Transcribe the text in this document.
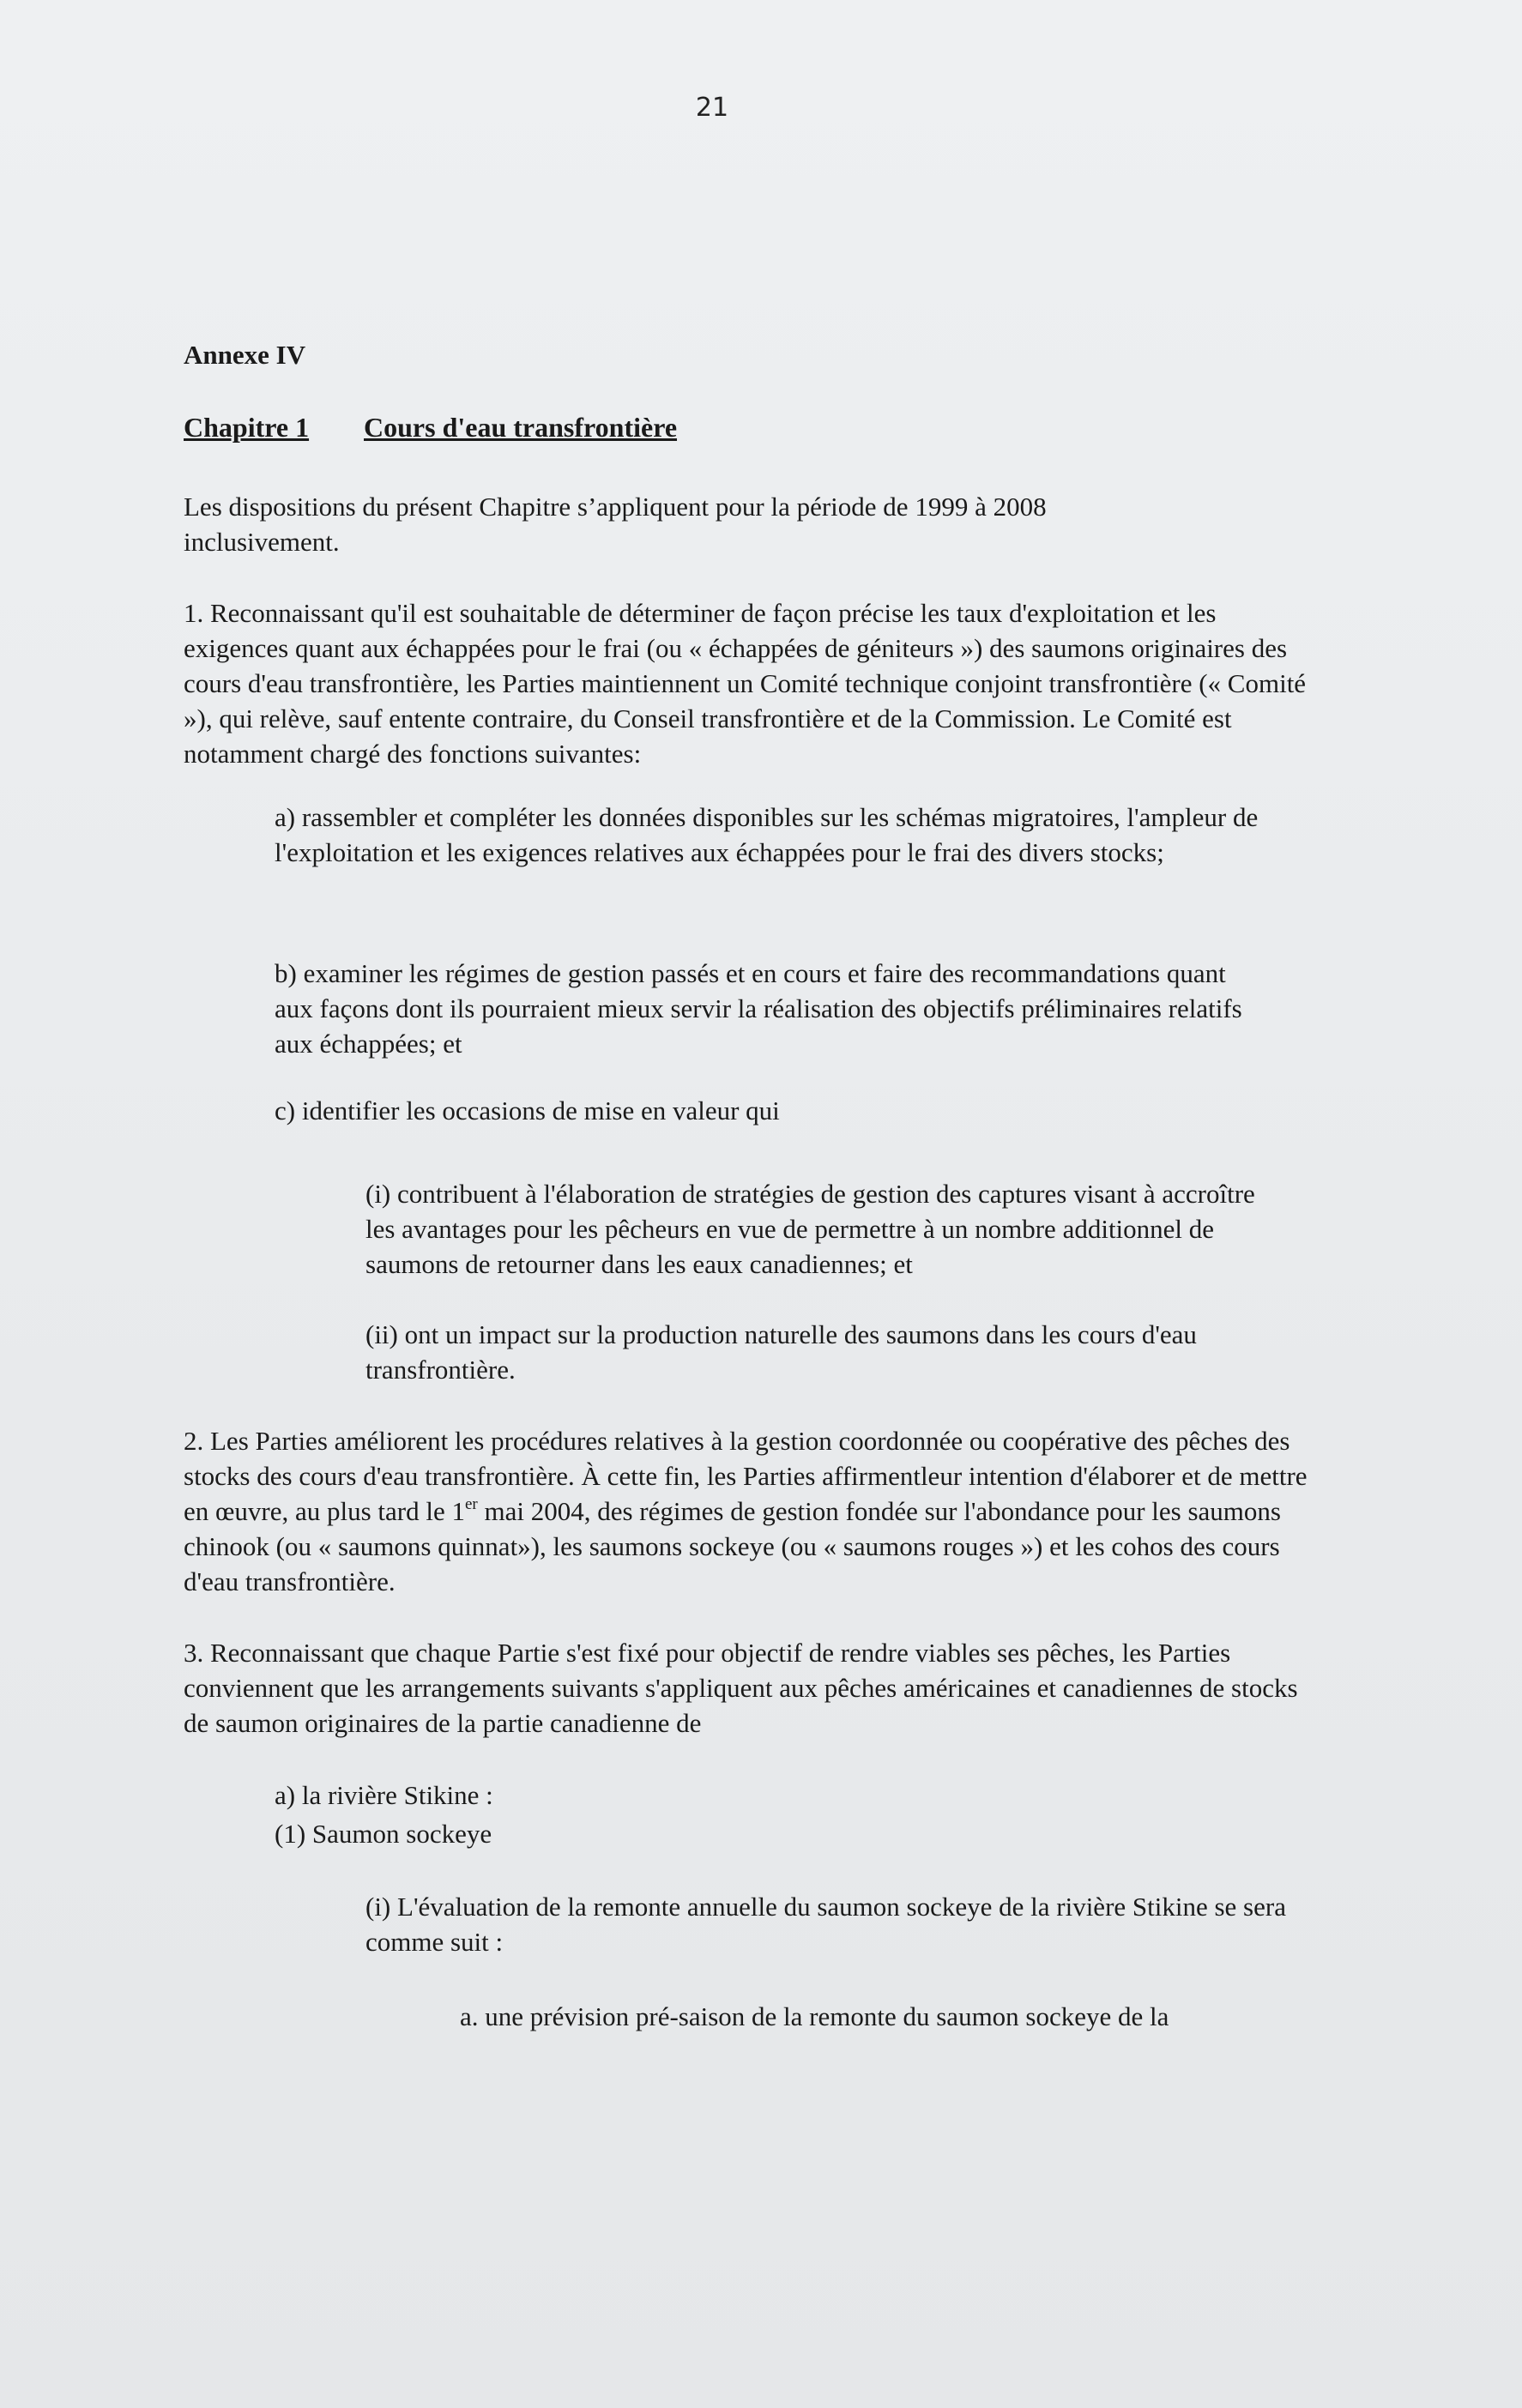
21
Annexe IV
Chapitre 1 Cours d'eau transfrontière

Les dispositions du présent Chapitre s’appliquent pour la période de 1999 à 2008 inclusivement.

1. Reconnaissant qu'il est souhaitable de déterminer de façon précise les taux d'exploitation et les exigences quant aux échappées pour le frai (ou « échappées de géniteurs ») des saumons originaires des cours d'eau transfrontière, les Parties maintiennent un Comité technique conjoint transfrontière (« Comité »), qui relève, sauf entente contraire, du Conseil transfrontière et de la Commission. Le Comité est notamment chargé des fonctions suivantes:

a) rassembler et compléter les données disponibles sur les schémas migratoires, l'ampleur de l'exploitation et les exigences relatives aux échappées pour le frai des divers stocks;

b) examiner les régimes de gestion passés et en cours et faire des recommandations quant aux façons dont ils pourraient mieux servir la réalisation des objectifs préliminaires relatifs aux échappées; et

c) identifier les occasions de mise en valeur qui

(i) contribuent à l'élaboration de stratégies de gestion des captures visant à accroître les avantages pour les pêcheurs en vue de permettre à un nombre additionnel de saumons de retourner dans les eaux canadiennes; et

(ii) ont un impact sur la production naturelle des saumons dans les cours d'eau transfrontière.

2. Les Parties améliorent les procédures relatives à la gestion coordonnée ou coopérative des pêches des stocks des cours d'eau transfrontière. À cette fin, les Parties affirmentleur intention d'élaborer et de mettre en œuvre, au plus tard le 1er mai 2004, des régimes de gestion fondée sur l'abondance pour les saumons chinook (ou « saumons quinnat»), les saumons sockeye (ou « saumons rouges ») et les cohos des cours d'eau transfrontière.

3. Reconnaissant que chaque Partie s'est fixé pour objectif de rendre viables ses pêches, les Parties conviennent que les arrangements suivants s'appliquent aux pêches américaines et canadiennes de stocks de saumon originaires de la partie canadienne de

a) la rivière Stikine :

(1) Saumon sockeye

(i) L'évaluation de la remonte annuelle du saumon sockeye de la rivière Stikine se sera comme suit :

a. une prévision pré-saison de la remonte du saumon sockeye de la
